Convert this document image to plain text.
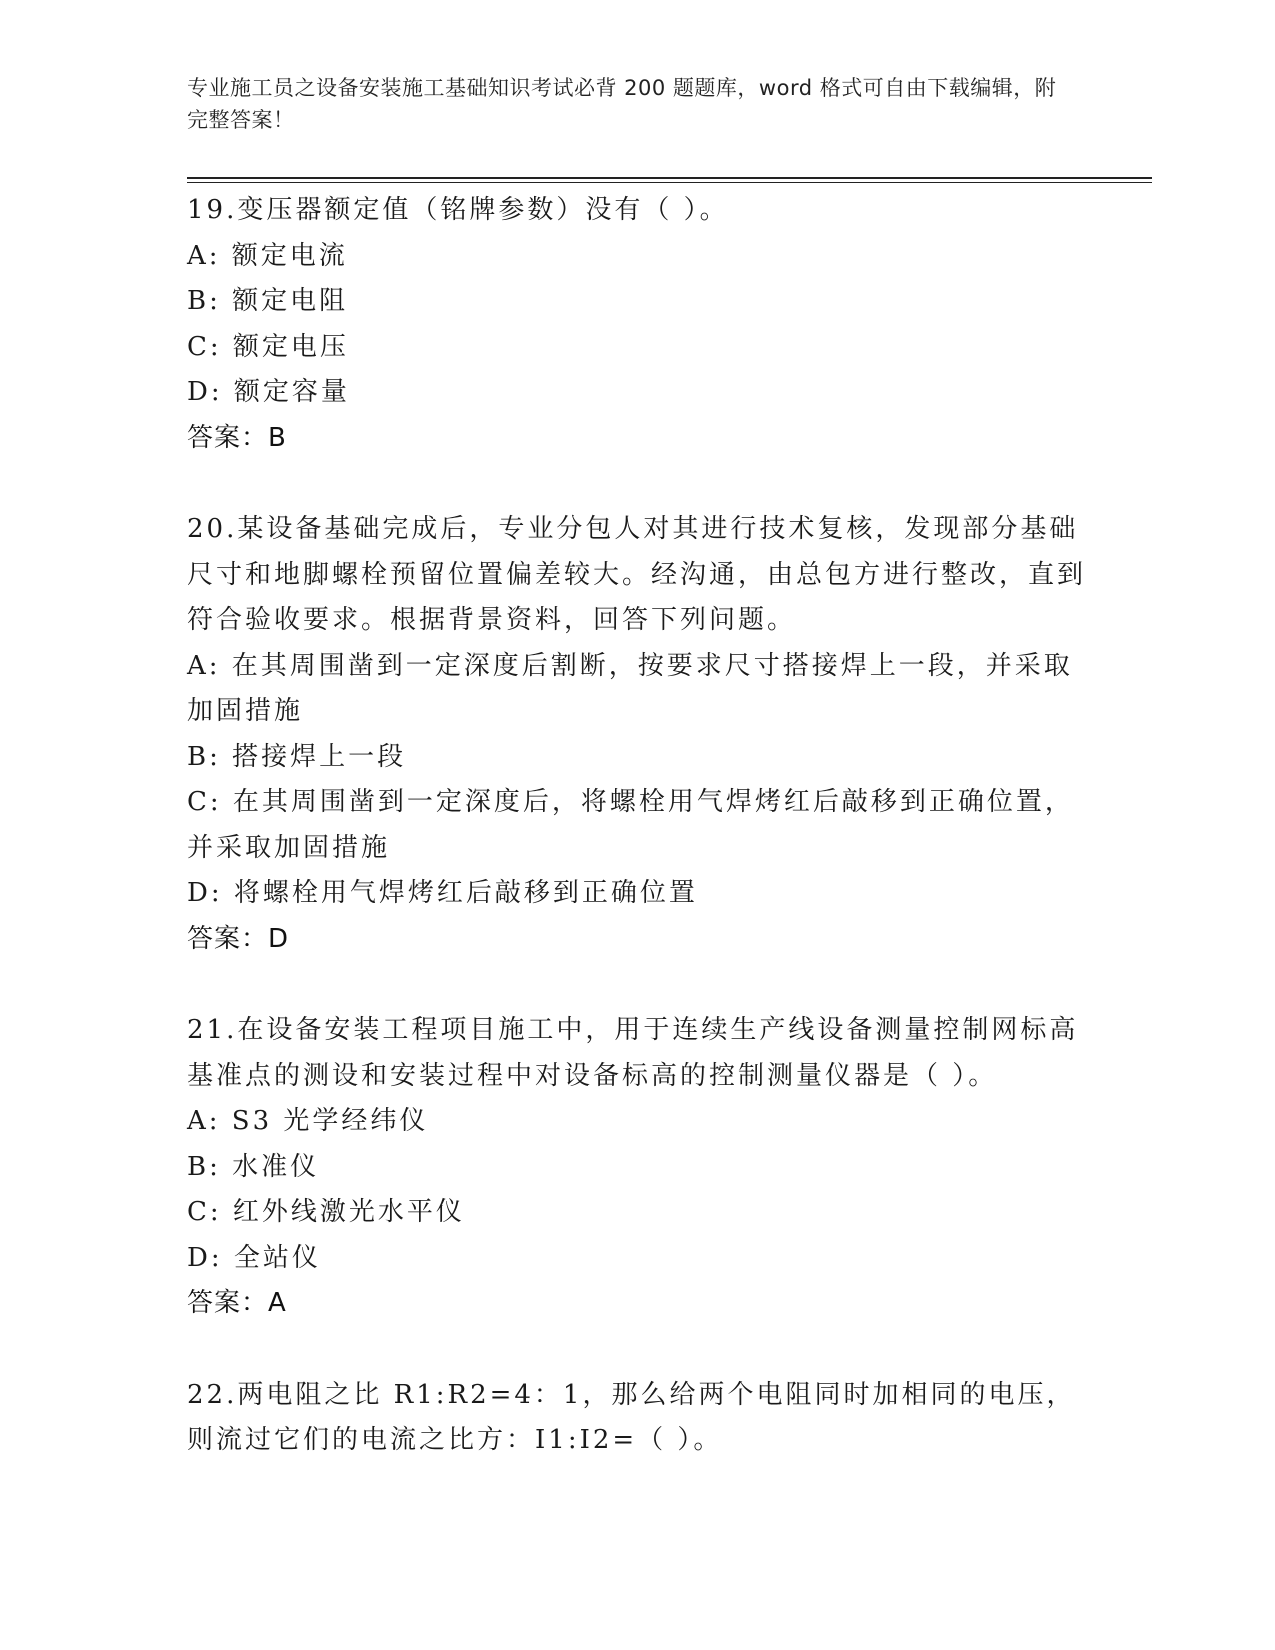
专业施工员之设备安装施工基础知识考试必背 200 题题库，word 格式可自由下载编辑，附完整答案！

19.变压器额定值（铭牌参数）没有（ ）。

A: 额定电流

B: 额定电阻

C: 额定电压

D: 额定容量

答案：B

20.某设备基础完成后，专业分包人对其进行技术复核，发现部分基础尺寸和地脚螺栓预留位置偏差较大。经沟通，由总包方进行整改，直到符合验收要求。根据背景资料，回答下列问题。

A: 在其周围凿到一定深度后割断，按要求尺寸搭接焊上一段，并采取加固措施

B: 搭接焊上一段

C: 在其周围凿到一定深度后，将螺栓用气焊烤红后敲移到正确位置，并采取加固措施

D: 将螺栓用气焊烤红后敲移到正确位置

答案：D

21.在设备安装工程项目施工中，用于连续生产线设备测量控制网标高基准点的测设和安装过程中对设备标高的控制测量仪器是（ ）。

A: S3 光学经纬仪

B: 水准仪

C: 红外线激光水平仪

D: 全站仪

答案：A

22.两电阻之比 R1:R2=4：1，那么给两个电阻同时加相同的电压，则流过它们的电流之比方：I1:I2=（ ）。
